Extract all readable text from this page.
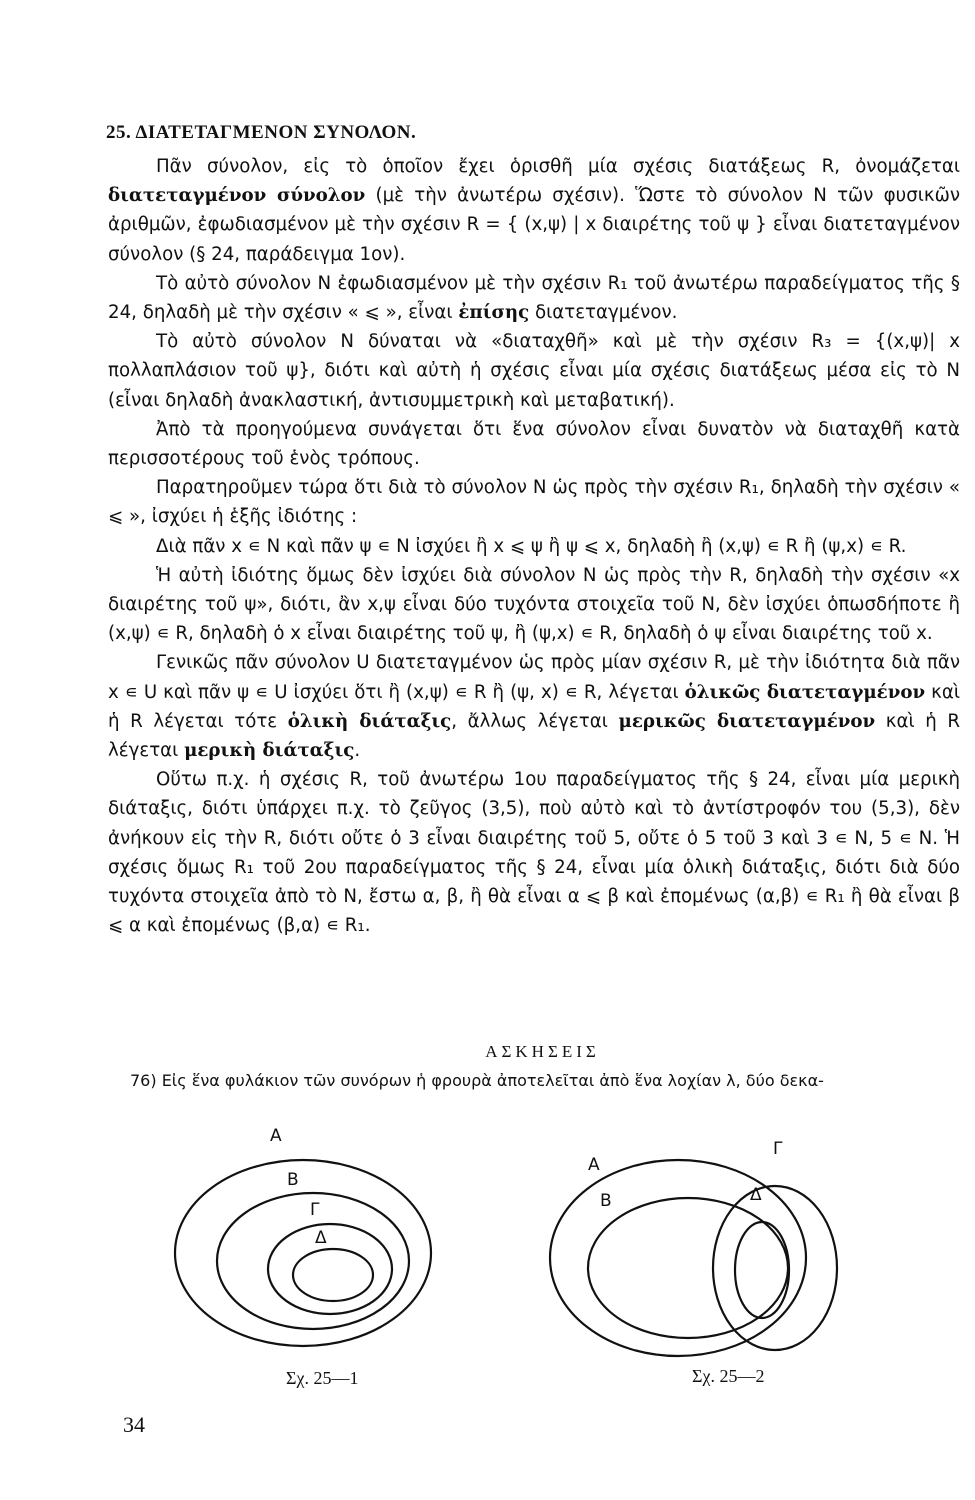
25. ΔΙΑΤΕΤΑΓΜΕΝΟΝ ΣΥΝΟΛΟΝ.

Πᾶν σύνολον, εἰς τὸ ὁποῖον ἔχει ὁρισθῆ μία σχέσις διατάξεως R, ὀνομάζεται διατεταγμένον σύνολον (μὲ τὴν ἀνωτέρω σχέσιν). Ὥστε τὸ σύνολον N τῶν φυσικῶν ἀριθμῶν, ἐφωδιασμένον μὲ τὴν σχέσιν R = { (x,ψ) | x διαιρέτης τοῦ ψ } εἶναι διατεταγμένον σύνολον (§ 24, παράδειγμα 1ον).

Τὸ αὐτὸ σύνολον N ἐφωδιασμένον μὲ τὴν σχέσιν R₁ τοῦ ἀνωτέρω παραδείγματος τῆς § 24, δηλαδὴ μὲ τὴν σχέσιν « ⩽ », εἶναι ἐπίσης διατεταγμένον.

Τὸ αὐτὸ σύνολον N δύναται νὰ «διαταχθῆ» καὶ μὲ τὴν σχέσιν R₃ = {(x,ψ)| x πολλαπλάσιον τοῦ ψ}, διότι καὶ αὐτὴ ἡ σχέσις εἶναι μία σχέσις διατάξεως μέσα εἰς τὸ N (εἶναι δηλαδὴ ἀνακλαστική, ἀντισυμμετρικὴ καὶ μεταβατική).

Ἀπὸ τὰ προηγούμενα συνάγεται ὅτι ἕνα σύνολον εἶναι δυνατὸν νὰ διαταχθῆ κατὰ περισσοτέρους τοῦ ἑνὸς τρόπους.

Παρατηροῦμεν τώρα ὅτι διὰ τὸ σύνολον N ὡς πρὸς τὴν σχέσιν R₁, δηλαδὴ τὴν σχέσιν « ⩽ », ἰσχύει ἡ ἑξῆς ἰδιότης :

Διὰ πᾶν x ∊ N καὶ πᾶν ψ ∊ N ἰσχύει ἢ x ⩽ ψ ἢ ψ ⩽ x, δηλαδὴ ἢ (x,ψ) ∊ R ἢ (ψ,x) ∊ R.

Ἡ αὐτὴ ἰδιότης ὅμως δὲν ἰσχύει διὰ σύνολον N ὡς πρὸς τὴν R, δηλαδὴ τὴν σχέσιν «x διαιρέτης τοῦ ψ», διότι, ἂν x,ψ εἶναι δύο τυχόντα στοιχεῖα τοῦ N, δὲν ἰσχύει ὁπωσδήποτε ἢ (x,ψ) ∊ R, δηλαδὴ ὁ x εἶναι διαιρέτης τοῦ ψ, ἢ (ψ,x) ∊ R, δηλαδὴ ὁ ψ εἶναι διαιρέτης τοῦ x.

Γενικῶς πᾶν σύνολον U διατεταγμένον ὡς πρὸς μίαν σχέσιν R, μὲ τὴν ἰδιότητα διὰ πᾶν x ∊ U καὶ πᾶν ψ ∊ U ἰσχύει ὅτι ἢ (x,ψ) ∊ R ἢ (ψ, x) ∊ R, λέγεται ὁλικῶς διατεταγμένον καὶ ἡ R λέγεται τότε ὁλικὴ διάταξις, ἄλλως λέγεται μερικῶς διατεταγμένον καὶ ἡ R λέγεται μερικὴ διάταξις.

Οὕτω π.χ. ἡ σχέσις R, τοῦ ἀνωτέρω 1ου παραδείγματος τῆς § 24, εἶναι μία μερικὴ διάταξις, διότι ὑπάρχει π.χ. τὸ ζεῦγος (3,5), ποὺ αὐτὸ καὶ τὸ ἀντίστροφόν του (5,3), δὲν ἀνήκουν εἰς τὴν R, διότι οὔτε ὁ 3 εἶναι διαιρέτης τοῦ 5, οὔτε ὁ 5 τοῦ 3 καὶ 3 ∊ N, 5 ∊ N. Ἡ σχέσις ὅμως R₁ τοῦ 2ου παραδείγματος τῆς § 24, εἶναι μία ὁλικὴ διάταξις, διότι διὰ δύο τυχόντα στοιχεῖα ἀπὸ τὸ N, ἔστω α, β, ἢ θὰ εἶναι α ⩽ β καὶ ἐπομένως (α,β) ∊ R₁ ἢ θὰ εἶναι β ⩽ α καὶ ἐπομένως (β,α) ∊ R₁.

ΑΣΚΗΣΕΙΣ
76) Εἰς ἕνα φυλάκιον τῶν συνόρων ἡ φρουρὰ ἀποτελεῖται ἀπὸ ἕνα λοχίαν λ, δύο δεκα-
A
B
Γ
Δ
Σχ. 25—1
A
B
Γ
Δ
Σχ. 25—2
34
